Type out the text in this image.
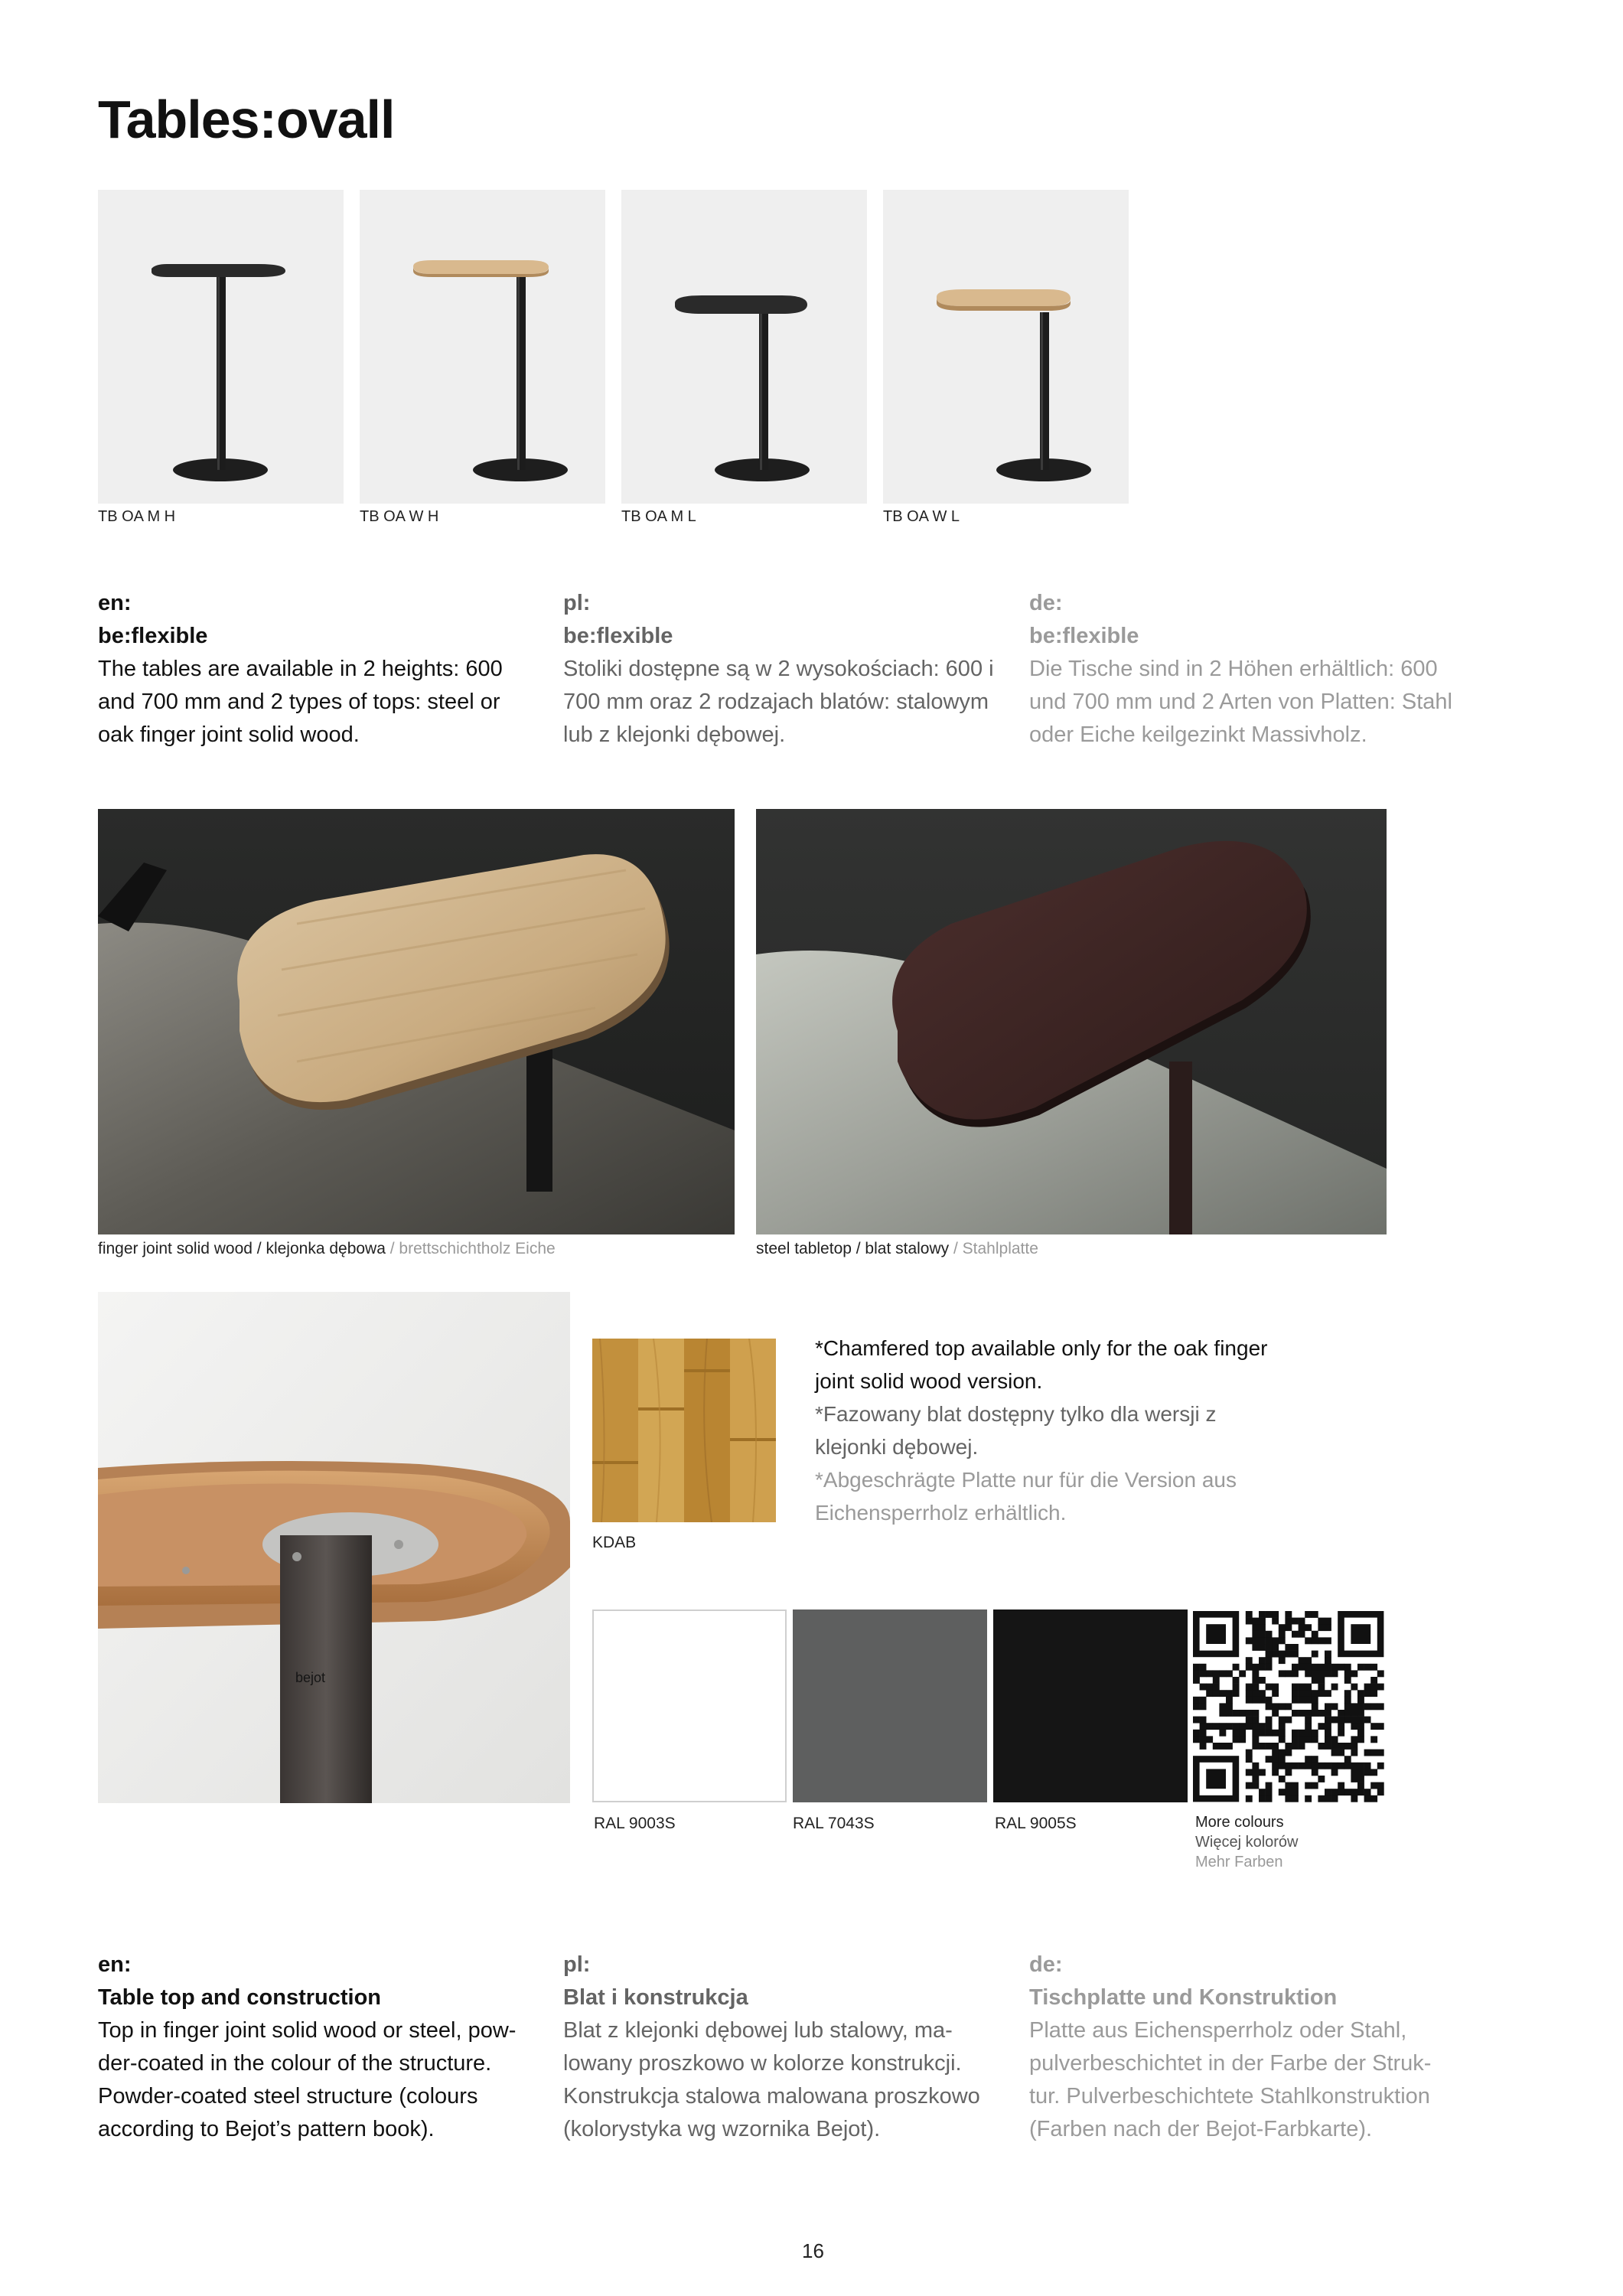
Tables:ovall
TB OA M H	TB OA W H	TB OA M L	TB OA W L
en:
be:flexible
The tables are available in 2 heights: 600 and 700 mm and 2 types of tops: steel or oak finger joint solid wood.
pl:
be:flexible
Stoliki dostępne są w 2 wysokościach: 600 i 700 mm oraz 2 rodzajach blatów: stalowym lub z klejonki dębowej.
de:
be:flexible
Die Tische sind in 2 Höhen erhältlich: 600 und 700 mm und 2 Arten von Platten: Stahl oder Eiche keilgezinkt Massivholz.
finger joint solid wood / klejonka dębowa / brettschichtholz Eiche	steel tabletop / blat stalowy / Stahlplatte
bejot
KDAB
*Chamfered top available only for the oak finger joint solid wood version.
*Fazowany blat dostępny tylko dla wersji z klejonki dębowej.
*Abgeschrägte Platte nur für die Version aus Eichensperrholz erhältlich.
RAL 9003S	RAL 7043S	RAL 9005S	More colours
Więcej kolorów
Mehr Farben
en:
Table top and construction
Top in finger joint solid wood or steel, pow-der-coated in the colour of the structure. Powder-coated steel structure (colours according to Bejot’s pattern book).
pl:
Blat i konstrukcja
Blat z klejonki dębowej lub stalowy, ma-lowany proszkowo w kolorze konstrukcji. Konstrukcja stalowa malowana proszkowo (kolorystyka wg wzornika Bejot).
de:
Tischplatte und Konstruktion
Platte aus Eichensperrholz oder Stahl, pulverbeschichtet in der Farbe der Struk-tur. Pulverbeschichtete Stahlkonstruktion (Farben nach der Bejot-Farbkarte).
16
